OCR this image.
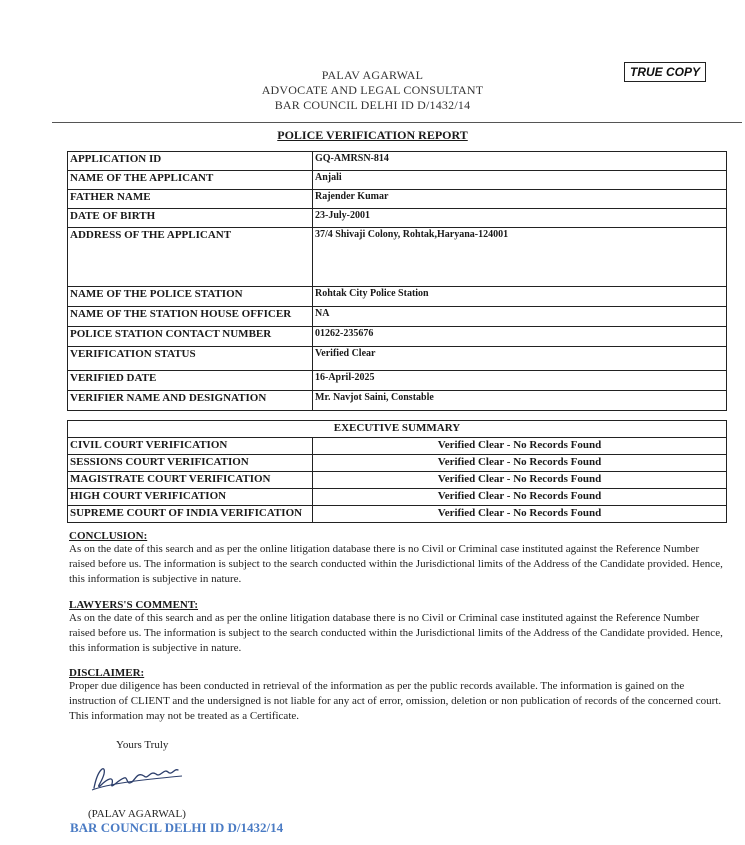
PALAV AGARWAL
ADVOCATE AND LEGAL CONSULTANT
BAR COUNCIL DELHI ID D/1432/14
TRUE COPY
POLICE VERIFICATION REPORT
APPLICATION ID	GQ-AMRSN-814
NAME OF THE APPLICANT	Anjali
FATHER NAME	Rajender Kumar
DATE OF BIRTH	23-July-2001
ADDRESS OF THE APPLICANT	37/4 Shivaji Colony, Rohtak,Haryana-124001
NAME OF THE POLICE STATION	Rohtak City Police Station
NAME OF THE STATION HOUSE OFFICER	NA
POLICE STATION CONTACT NUMBER	01262-235676
VERIFICATION STATUS	Verified Clear
VERIFIED DATE	16-April-2025
VERIFIER NAME AND DESIGNATION	Mr. Navjot Saini, Constable
EXECUTIVE SUMMARY	
CIVIL COURT VERIFICATION	Verified Clear - No Records Found
SESSIONS COURT VERIFICATION	Verified Clear - No Records Found
MAGISTRATE COURT VERIFICATION	Verified Clear - No Records Found
HIGH COURT VERIFICATION	Verified Clear - No Records Found
SUPREME COURT OF INDIA VERIFICATION	Verified Clear - No Records Found
CONCLUSION:
As on the date of this search and as per the online litigation database there is no Civil or Criminal case instituted against the Reference Number raised before us. The information is subject to the search conducted within the Jurisdictional limits of the Address of the Candidate provided. Hence, this information is subjective in nature.
LAWYERS'S COMMENT:
As on the date of this search and as per the online litigation database there is no Civil or Criminal case instituted against the Reference Number raised before us. The information is subject to the search conducted within the Jurisdictional limits of the Address of the Candidate provided. Hence, this information is subjective in nature.
DISCLAIMER:
Proper due diligence has been conducted in retrieval of the information as per the public records available. The information is gained on the instruction of CLIENT and the undersigned is not liable for any act of error, omission, deletion or non publication of records of the concerned court. This information may not be treated as a Certificate.
Yours Truly
(PALAV AGARWAL)
BAR COUNCIL DELHI ID D/1432/14
